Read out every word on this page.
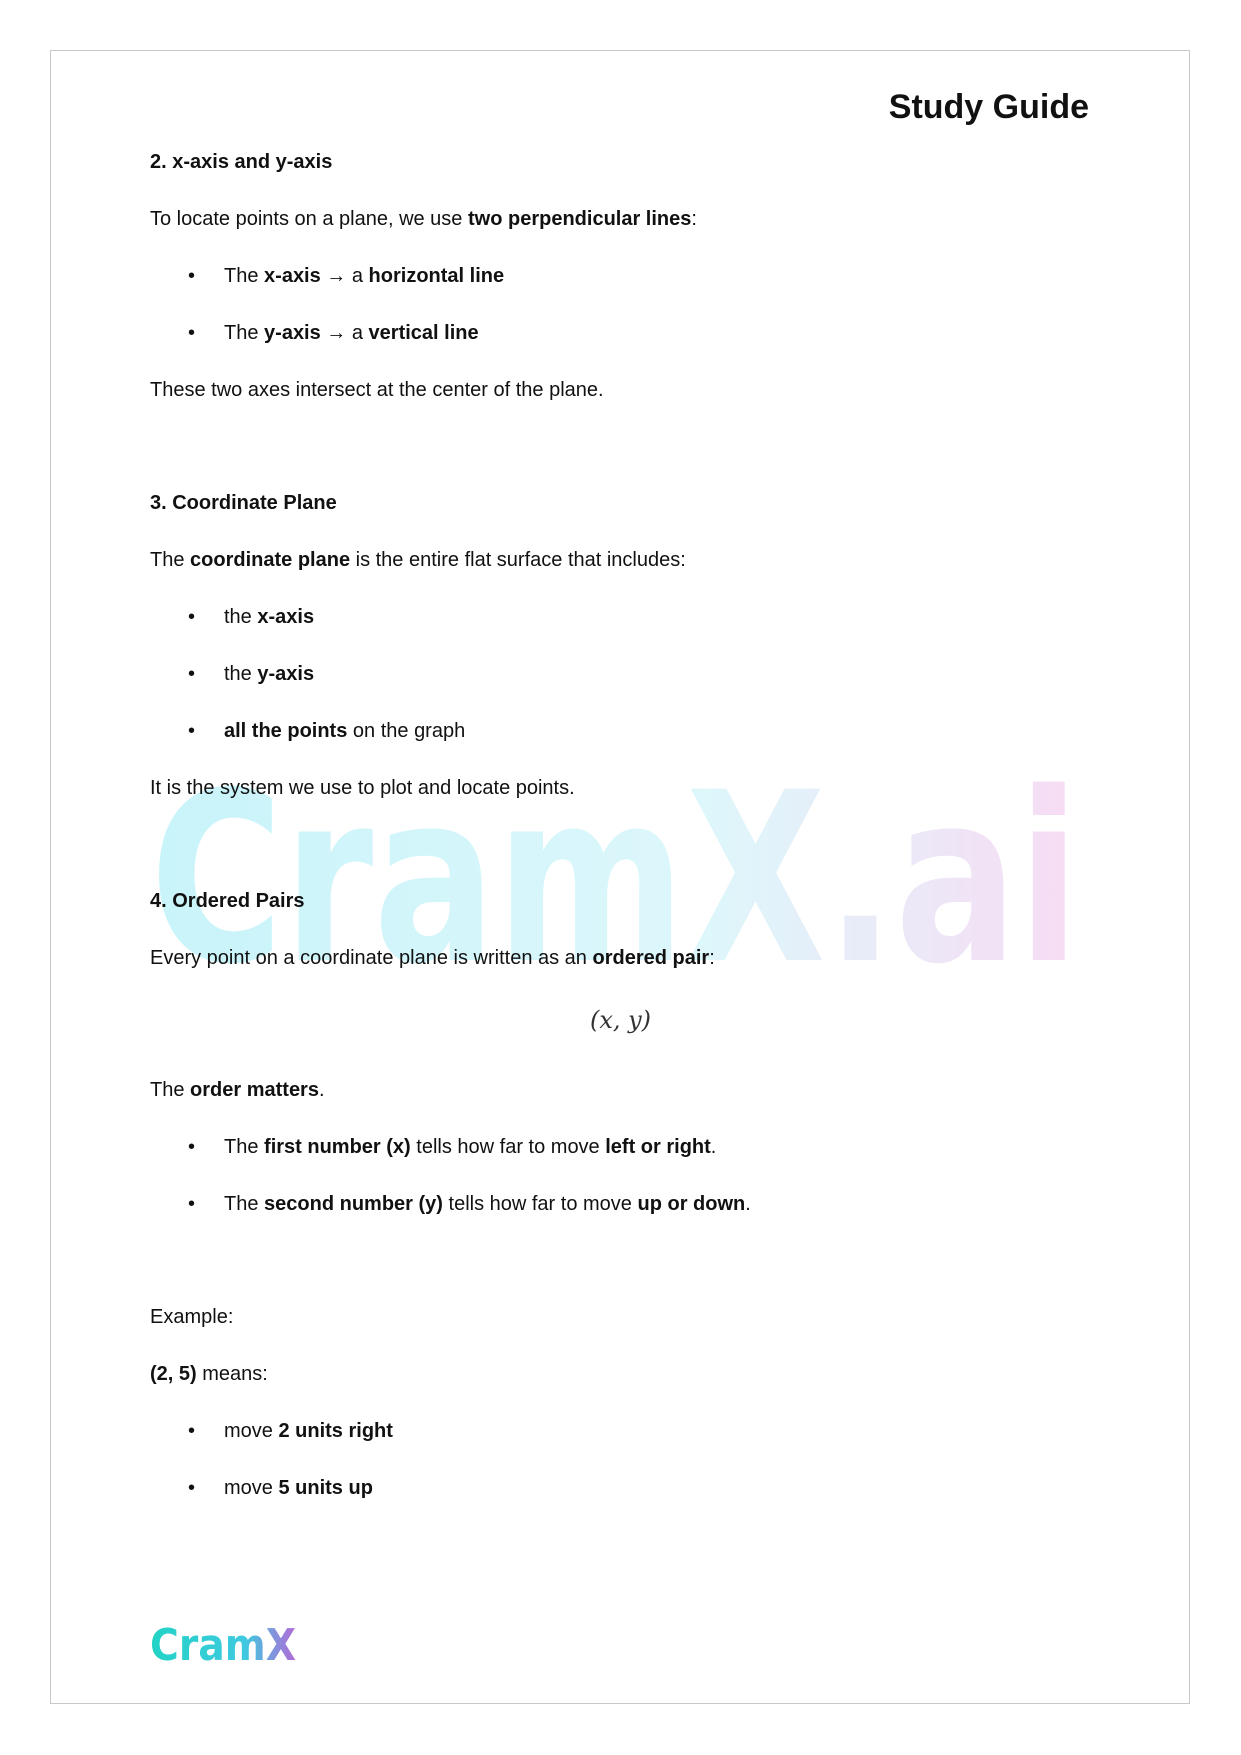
CramX.ai
Study Guide
2. x-axis and y-axis
To locate points on a plane, we use two perpendicular lines:
• The x-axis → a horizontal line
• The y-axis → a vertical line
These two axes intersect at the center of the plane.
3. Coordinate Plane
The coordinate plane is the entire flat surface that includes:
• the x-axis
• the y-axis
• all the points on the graph
It is the system we use to plot and locate points.
4. Ordered Pairs
Every point on a coordinate plane is written as an ordered pair:
(x, y)
The order matters.
• The first number (x) tells how far to move left or right.
• The second number (y) tells how far to move up or down.
Example:
(2, 5) means:
• move 2 units right
• move 5 units up
CramX
